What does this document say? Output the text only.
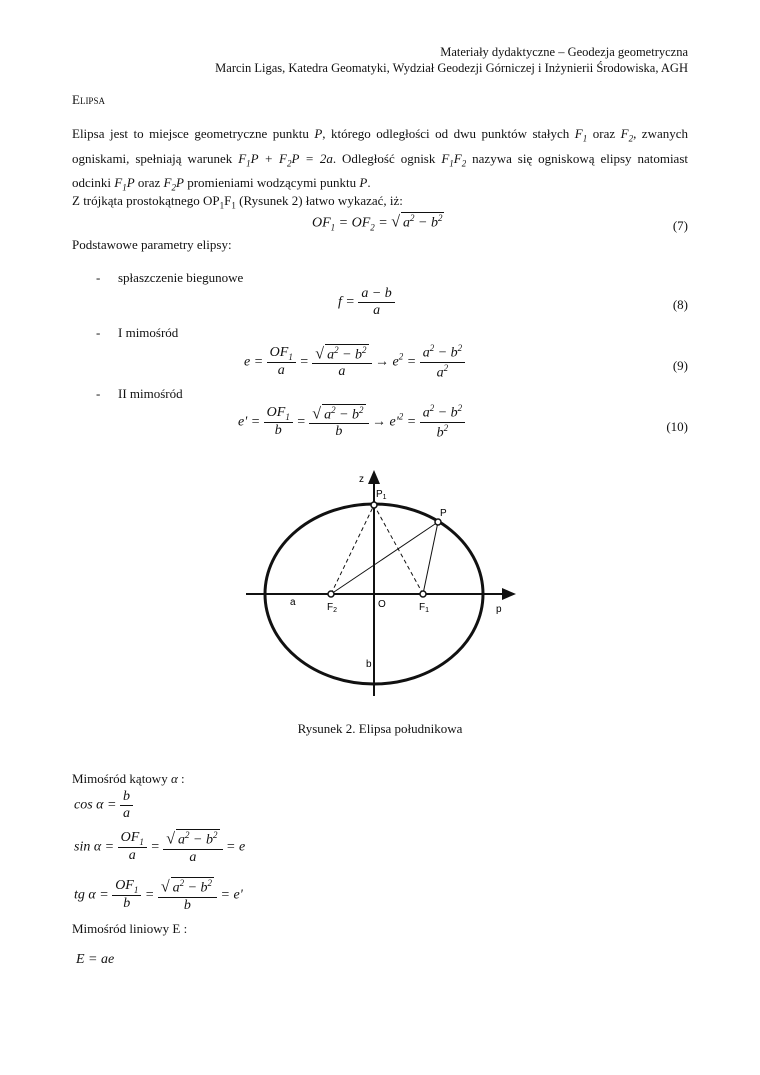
Materiały dydaktyczne – Geodezja geometryczna
Marcin Ligas, Katedra Geomatyki, Wydział Geodezji Górniczej i Inżynierii Środowiska, AGH
Elipsa
Elipsa jest to miejsce geometryczne punktu P, którego odległości od dwu punktów stałych $F_1$ oraz $F_2$, zwanych ogniskami, spełniają warunek $F_1P + F_2P = 2a$. Odległość ognisk $F_1F_2$ nazywa się ogniskową elipsy natomiast odcinki $F_1P$ oraz $F_2P$ promieniami wodzącymi punktu P.
Z trójkąta prostokątnego $OP_1F_1$ (Rysunek 2) łatwo wykazać, iż:
$OF_1 = OF_2$ = √ $a^2 - b^2$	(7)
Podstawowe parametry elipsy:
- spłaszczenie biegunowe
$f = \frac{a - b}{a}$	(8)
- I mimośród
$e = \frac{OF_1}{a} = \frac{√ a^2 - b^2}{a} \to e^2 = \frac{a^2 - b^2}{a^2}$	(9)
- II mimośród
$e' = \frac{OF_1}{b} = \frac{√ a^2 - b^2}{b} \to e'^2 = \frac{a^2 - b^2}{b^2}$	(10)
z
p
$P_1$
P
O	$F_1$
$F_2$
a
b
Rysunek 2. Elipsa południkowa
Mimośród kątowy α :
$\cos \alpha = \frac{b}{a}$
$\sin \alpha = \frac{OF_1}{a} = \frac{√ a^2 - b^2}{a} = e$
tg $\alpha = \frac{OF_1}{b} = \frac{√ a^2 - b^2}{b} = e'$
Mimośród liniowy E :
E = ae
